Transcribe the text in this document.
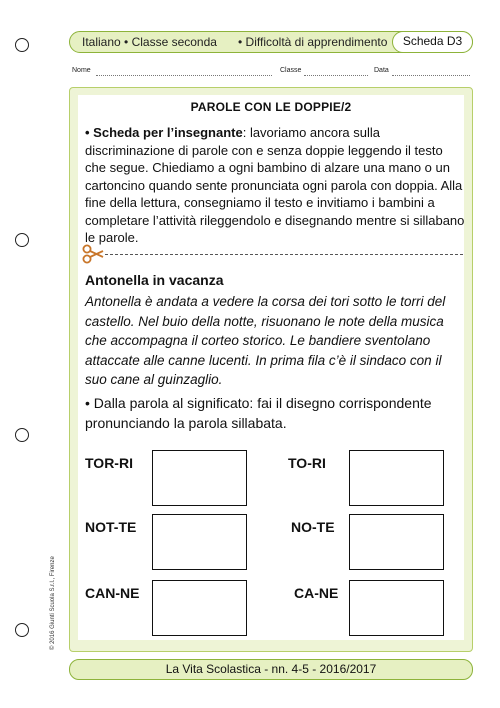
Italiano • Classe seconda • Difficoltà di apprendimento	Scheda D3
Nome	Classe	Data
PAROLE CON LE DOPPIE/2
• Scheda per l’insegnante: lavoriamo ancora sulla discriminazione di parole con e senza doppie leggendo il testo che segue. Chiediamo a ogni bambino di alzare una mano o un cartoncino quando sente pronunciata ogni parola con doppia. Alla fine della lettura, consegniamo il testo e invitiamo i bambini a completare l’attività rileggendolo e disegnando mentre si sillabano le parole.
Antonella in vacanza
Antonella è andata a vedere la corsa dei tori sotto le torri del castello. Nel buio della notte, risuonano le note della musica che accompagna il corteo storico. Le bandiere sventolano attaccate alle canne lucenti. In prima fila c’è il sindaco con il suo cane al guinzaglio.
• Dalla parola al significato: fai il disegno corrispondente pronunciando la parola sillabata.
TOR-RI	TO-RI
NOT-TE	NO-TE
CAN-NE	CA-NE
© 2016 Giunti Scuola S.r.l., Firenze
La Vita Scolastica - nn. 4-5 - 2016/2017
